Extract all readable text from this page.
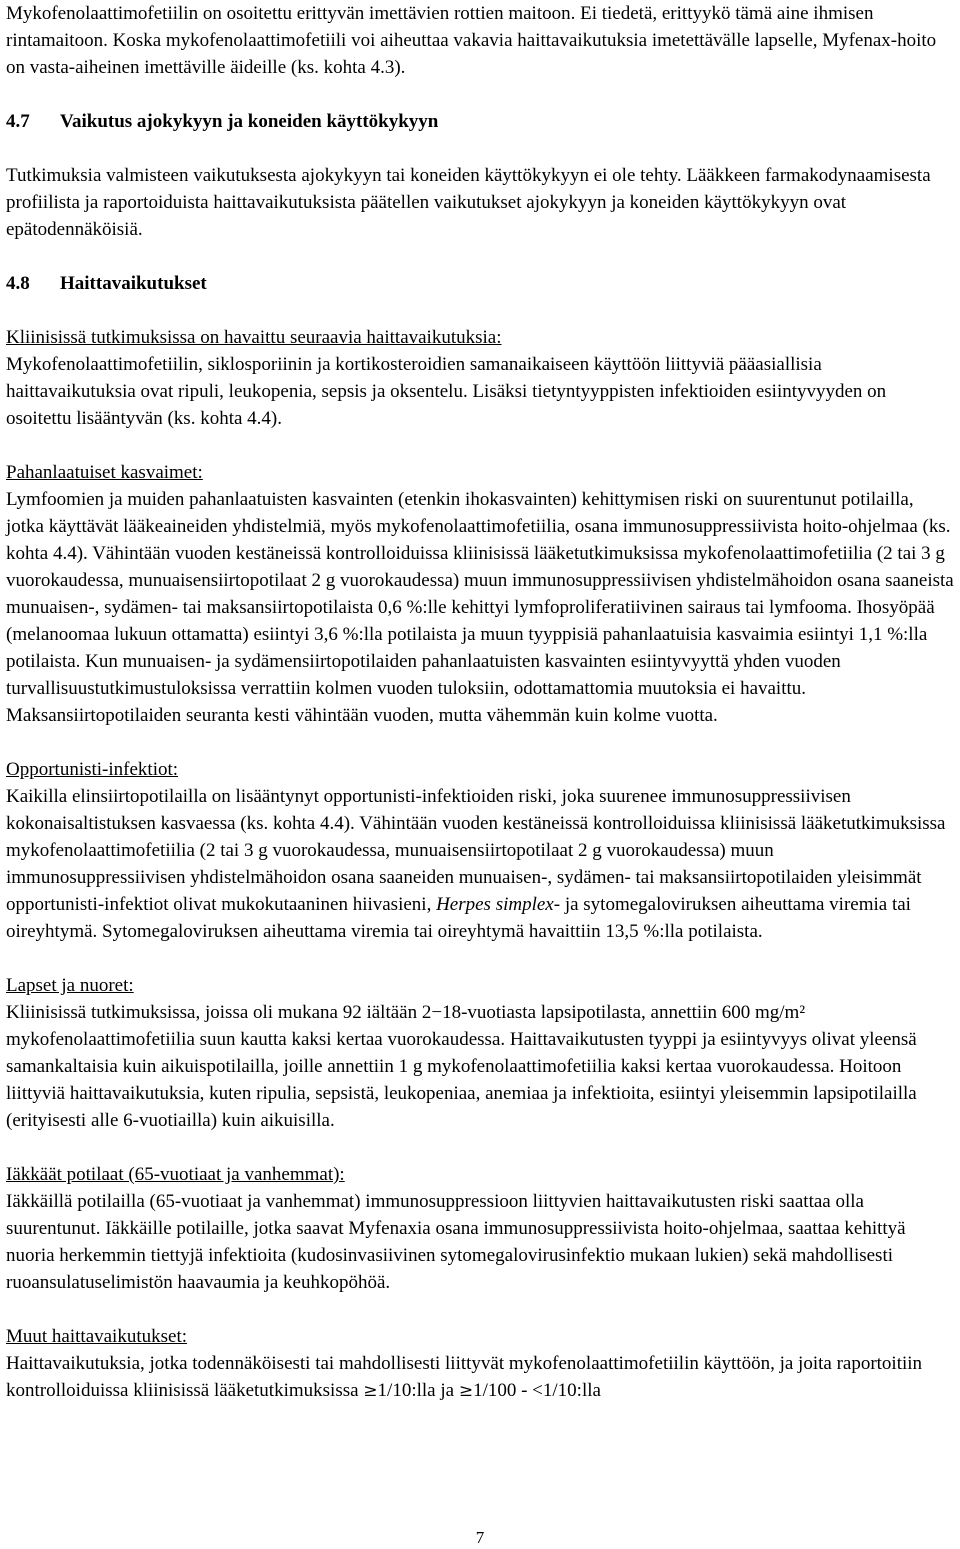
Mykofenolaattimofetiilin on osoitettu erittyvän imettävien rottien maitoon. Ei tiedetä, erittyykö tämä aine ihmisen rintamaitoon. Koska mykofenolaattimofetiili voi aiheuttaa vakavia haittavaikutuksia imetettävälle lapselle, Myfenax-hoito on vasta-aiheinen imettäville äideille (ks. kohta 4.3).

4.7 Vaikutus ajokykyyn ja koneiden käyttökykyyn

Tutkimuksia valmisteen vaikutuksesta ajokykyyn tai koneiden käyttökykyyn ei ole tehty. Lääkkeen farmakodynaamisesta profiilista ja raportoiduista haittavaikutuksista päätellen vaikutukset ajokykyyn ja koneiden käyttökykyyn ovat epätodennäköisiä.

4.8 Haittavaikutukset

Kliinisissä tutkimuksissa on havaittu seuraavia haittavaikutuksia:

Mykofenolaattimofetiilin, siklosporiinin ja kortikosteroidien samanaikaiseen käyttöön liittyviä pääasiallisia haittavaikutuksia ovat ripuli, leukopenia, sepsis ja oksentelu. Lisäksi tietyntyyppisten infektioiden esiintyvyyden on osoitettu lisääntyvän (ks. kohta 4.4).

Pahanlaatuiset kasvaimet:

Lymfoomien ja muiden pahanlaatuisten kasvainten (etenkin ihokasvainten) kehittymisen riski on suurentunut potilailla, jotka käyttävät lääkeaineiden yhdistelmiä, myös mykofenolaattimofetiilia, osana immunosuppressiivista hoito-ohjelmaa (ks. kohta 4.4). Vähintään vuoden kestäneissä kontrolloiduissa kliinisissä lääketutkimuksissa mykofenolaattimofetiilia (2 tai 3 g vuorokaudessa, munuaisensiirtopotilaat 2 g vuorokaudessa) muun immunosuppressiivisen yhdistelmähoidon osana saaneista munuaisen-, sydämen- tai maksansiirtopotilaista 0,6 %:lle kehittyi lymfoproliferatiivinen sairaus tai lymfooma. Ihosyöpää (melanoomaa lukuun ottamatta) esiintyi 3,6 %:lla potilaista ja muun tyyppisiä pahanlaatuisia kasvaimia esiintyi 1,1 %:lla potilaista. Kun munuaisen- ja sydämensiirtopotilaiden pahanlaatuisten kasvainten esiintyvyyttä yhden vuoden turvallisuustutkimustuloksissa verrattiin kolmen vuoden tuloksiin, odottamattomia muutoksia ei havaittu. Maksansiirtopotilaiden seuranta kesti vähintään vuoden, mutta vähemmän kuin kolme vuotta.

Opportunisti-infektiot:

Kaikilla elinsiirtopotilailla on lisääntynyt opportunisti-infektioiden riski, joka suurenee immunosuppressiivisen kokonaisaltistuksen kasvaessa (ks. kohta 4.4). Vähintään vuoden kestäneissä kontrolloiduissa kliinisissä lääketutkimuksissa mykofenolaattimofetiilia (2 tai 3 g vuorokaudessa, munuaisensiirtopotilaat 2 g vuorokaudessa) muun immunosuppressiivisen yhdistelmähoidon osana saaneiden munuaisen-, sydämen- tai maksansiirtopotilaiden yleisimmät opportunisti-infektiot olivat mukokutaaninen hiivasieni, Herpes simplex- ja sytomegaloviruksen aiheuttama viremia tai oireyhtymä. Sytomegaloviruksen aiheuttama viremia tai oireyhtymä havaittiin 13,5 %:lla potilaista.

Lapset ja nuoret:

Kliinisissä tutkimuksissa, joissa oli mukana 92 iältään 2−18-vuotiasta lapsipotilasta, annettiin 600 mg/m² mykofenolaattimofetiilia suun kautta kaksi kertaa vuorokaudessa. Haittavaikutusten tyyppi ja esiintyvyys olivat yleensä samankaltaisia kuin aikuispotilailla, joille annettiin 1 g mykofenolaattimofetiilia kaksi kertaa vuorokaudessa. Hoitoon liittyviä haittavaikutuksia, kuten ripulia, sepsistä, leukopeniaa, anemiaa ja infektioita, esiintyi yleisemmin lapsipotilailla (erityisesti alle 6-vuotiailla) kuin aikuisilla.

Iäkkäät potilaat (65-vuotiaat ja vanhemmat):

Iäkkäillä potilailla (65-vuotiaat ja vanhemmat) immunosuppressioon liittyvien haittavaikutusten riski saattaa olla suurentunut. Iäkkäille potilaille, jotka saavat Myfenaxia osana immunosuppressiivista hoito-ohjelmaa, saattaa kehittyä nuoria herkemmin tiettyjä infektioita (kudosinvasiivinen sytomegalovirusinfektio mukaan lukien) sekä mahdollisesti ruoansulatuselimistön haavaumia ja keuhkopöhöä.

Muut haittavaikutukset:

Haittavaikutuksia, jotka todennäköisesti tai mahdollisesti liittyvät mykofenolaattimofetiilin käyttöön, ja joita raportoitiin kontrolloiduissa kliinisissä lääketutkimuksissa ≥1/10:lla ja ≥1/100 - <1/10:lla

7
